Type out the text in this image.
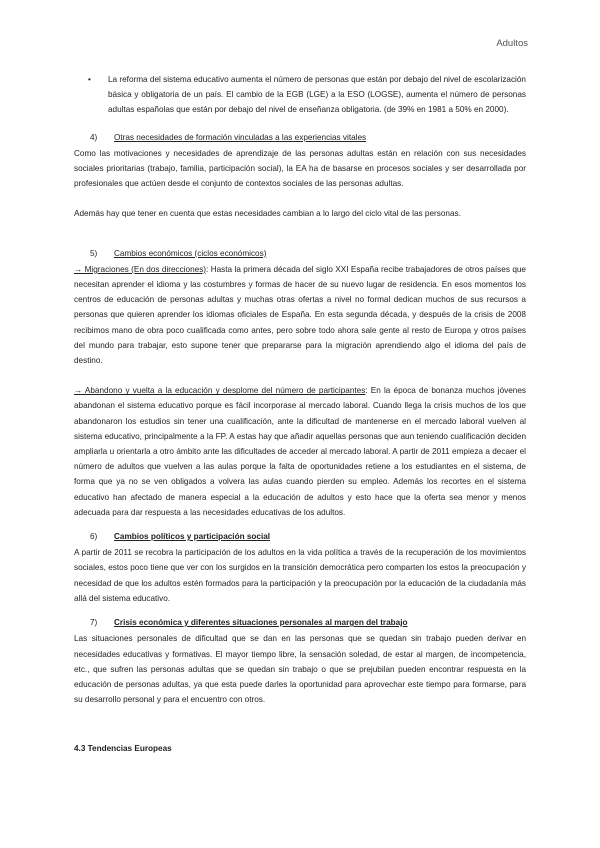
Adultos
•	La reforma del sistema educativo aumenta el número de personas que están por debajo del nivel de escolarización básica y obligatoria de un país. El cambio de la EGB (LGE) a la ESO (LOGSE), aumenta el número de personas adultas españolas que están por debajo del nivel de enseñanza obligatoria. (de 39% en 1981 a 50% en 2000).
4)	Otras necesidades de formación vinculadas a las experiencias vitales

Como las motivaciones y necesidades de aprendizaje de las personas adultas están en relación con sus necesidades sociales prioritarias (trabajo, familia, participación social), la EA ha de basarse en procesos sociales y ser desarrollada por profesionales que actúen desde el conjunto de contextos sociales de las personas adultas.

Además hay que tener en cuenta que estas necesidades cambian a lo largo del ciclo vital de las personas.

5)	Cambios económicos (ciclos económicos)

→ Migraciones (En dos direcciones): Hasta la primera década del siglo XXI España recibe trabajadores de otros países que necesitan aprender el idioma y las costumbres y formas de hacer de su nuevo lugar de residencia. En esos momentos los centros de educación de personas adultas y muchas otras ofertas a nivel no formal dedican muchos de sus recursos a personas que quieren aprender los idiomas oficiales de España. En esta segunda década, y después de la crisis de 2008 recibimos mano de obra poco cualificada como antes, pero sobre todo ahora sale gente al resto de Europa y otros países del mundo para trabajar, esto supone tener que prepararse para la migración aprendiendo algo el idioma del país de destino.

→ Abandono y vuelta a la educación y desplome del número de participantes: En la época de bonanza muchos jóvenes abandonan el sistema educativo porque es fácil incorporase al mercado laboral. Cuando llega la crisis muchos de los que abandonaron los estudios sin tener una cualificación, ante la dificultad de mantenerse en el mercado laboral vuelven al sistema educativo, principalmente a la FP. A estas hay que añadir aquellas personas que aun teniendo cualificación deciden ampliarla u orientarla a otro ámbito ante las dificultades de acceder al mercado laboral. A partir de 2011 empieza a decaer el número de adultos que vuelven a las aulas porque la falta de oportunidades retiene a los estudiantes en el sistema, de forma que ya no se ven obligados a volvera las aulas cuando pierden su empleo. Además los recortes en el sistema educativo han afectado de manera especial a la educación de adultos y esto hace que la oferta sea menor y menos adecuada para dar respuesta a las necesidades educativas de los adultos.

6)	Cambios políticos y participación social

A partir de 2011 se recobra la participación de los adultos en la vida política a través de la recuperación de los movimientos sociales, estos poco tiene que ver con los surgidos en la transición democrática pero comparten los estos la preocupación y necesidad de que los adultos estén formados para la participación y la preocupación por la educación de la ciudadanía más allá del sistema educativo.

7)	Crisis económica y diferentes situaciones personales al margen del trabajo

Las situaciones personales de dificultad que se dan en las personas que se quedan sin trabajo pueden derivar en necesidades educativas y formativas. El mayor tiempo libre, la sensación soledad, de estar al margen, de incompetencia, etc., que sufren las personas adultas que se quedan sin trabajo o que se prejubilan pueden encontrar respuesta en la educación de personas adultas, ya que esta puede darles la oportunidad para aprovechar este tiempo para formarse, para su desarrollo personal y para el encuentro con otros.

4.3 Tendencias Europeas
